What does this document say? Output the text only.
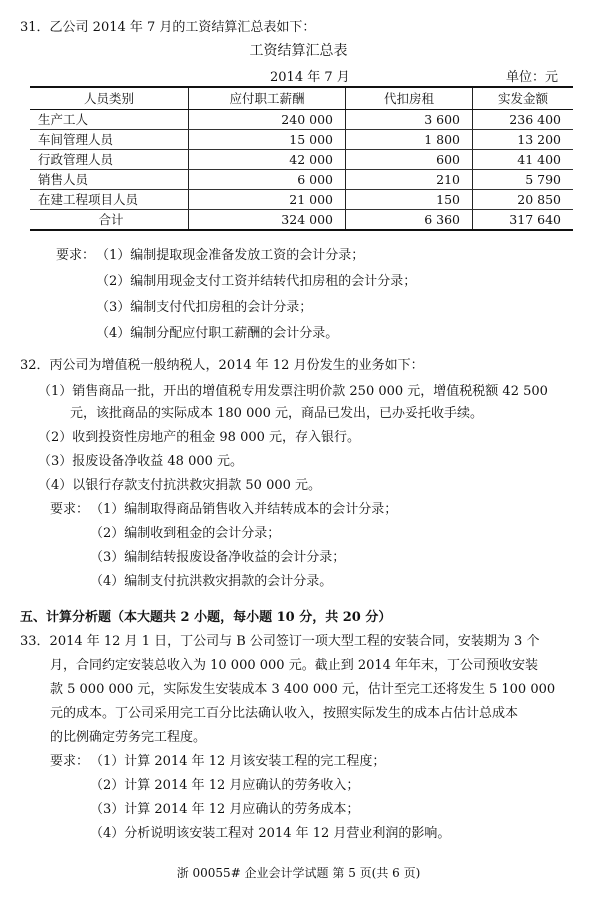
31．乙公司 2014 年 7 月的工资结算汇总表如下：
工资结算汇总表
2014 年 7 月	单位：元
人员类别	应付职工薪酬	代扣房租	实发金额
生产工人	240 000	3 600	236 400
车间管理人员	15 000	1 800	13 200
行政管理人员	42 000	600	41 400
销售人员	6 000	210	5 790
在建工程项目人员	21 000	150	20 850
合计	324 000	6 360	317 640
要求： （1）编制提取现金准备发放工资的会计分录；
（2）编制用现金支付工资并结转代扣房租的会计分录；
（3）编制支付代扣房租的会计分录；
（4）编制分配应付职工薪酬的会计分录。
32．丙公司为增值税一般纳税人，2014 年 12 月份发生的业务如下：
（1）销售商品一批，开出的增值税专用发票注明价款 250 000 元，增值税税额 42 500
元，该批商品的实际成本 180 000 元，商品已发出，已办妥托收手续。
（2）收到投资性房地产的租金 98 000 元，存入银行。
（3）报废设备净收益 48 000 元。
（4）以银行存款支付抗洪救灾捐款 50 000 元。
要求： （1）编制取得商品销售收入并结转成本的会计分录；
（2）编制收到租金的会计分录；
（3）编制结转报废设备净收益的会计分录；
（4）编制支付抗洪救灾捐款的会计分录。
五、计算分析题（本大题共 2 小题，每小题 10 分，共 20 分）
33．2014 年 12 月 1 日，丁公司与 B 公司签订一项大型工程的安装合同，安装期为 3 个
月，合同约定安装总收入为 10 000 000 元。截止到 2014 年年末，丁公司预收安装
款 5 000 000 元，实际发生安装成本 3 400 000 元，估计至完工还将发生 5 100 000
元的成本。丁公司采用完工百分比法确认收入，按照实际发生的成本占估计总成本
的比例确定劳务完工程度。
要求： （1）计算 2014 年 12 月该安装工程的完工程度；
（2）计算 2014 年 12 月应确认的劳务收入；
（3）计算 2014 年 12 月应确认的劳务成本；
（4）分析说明该安装工程对 2014 年 12 月营业利润的影响。
浙 00055# 企业会计学试题 第 5 页(共 6 页)
